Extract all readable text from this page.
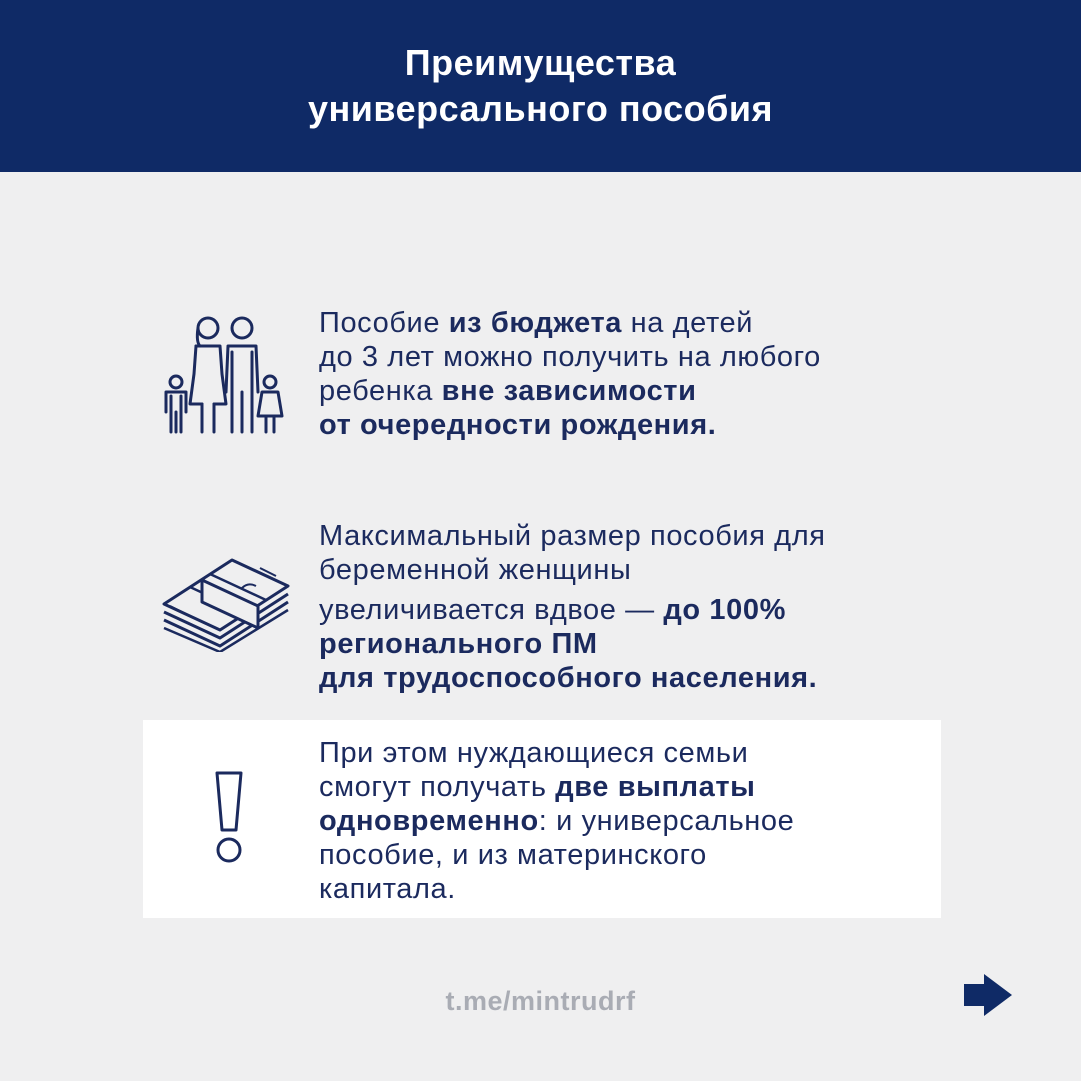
Преимущества
универсального пособия
Пособие из бюджета на детей
до 3 лет можно получить на любого
ребенка вне зависимости
от очередности рождения.
Максимальный размер пособия для
беременной женщины
увеличивается вдвое — до 100%
регионального ПМ
для трудоспособного населения.
При этом нуждающиеся семьи
смогут получать две выплаты
одновременно: и универсальное
пособие, и из материнского
капитала.
t.me/mintrudrf
